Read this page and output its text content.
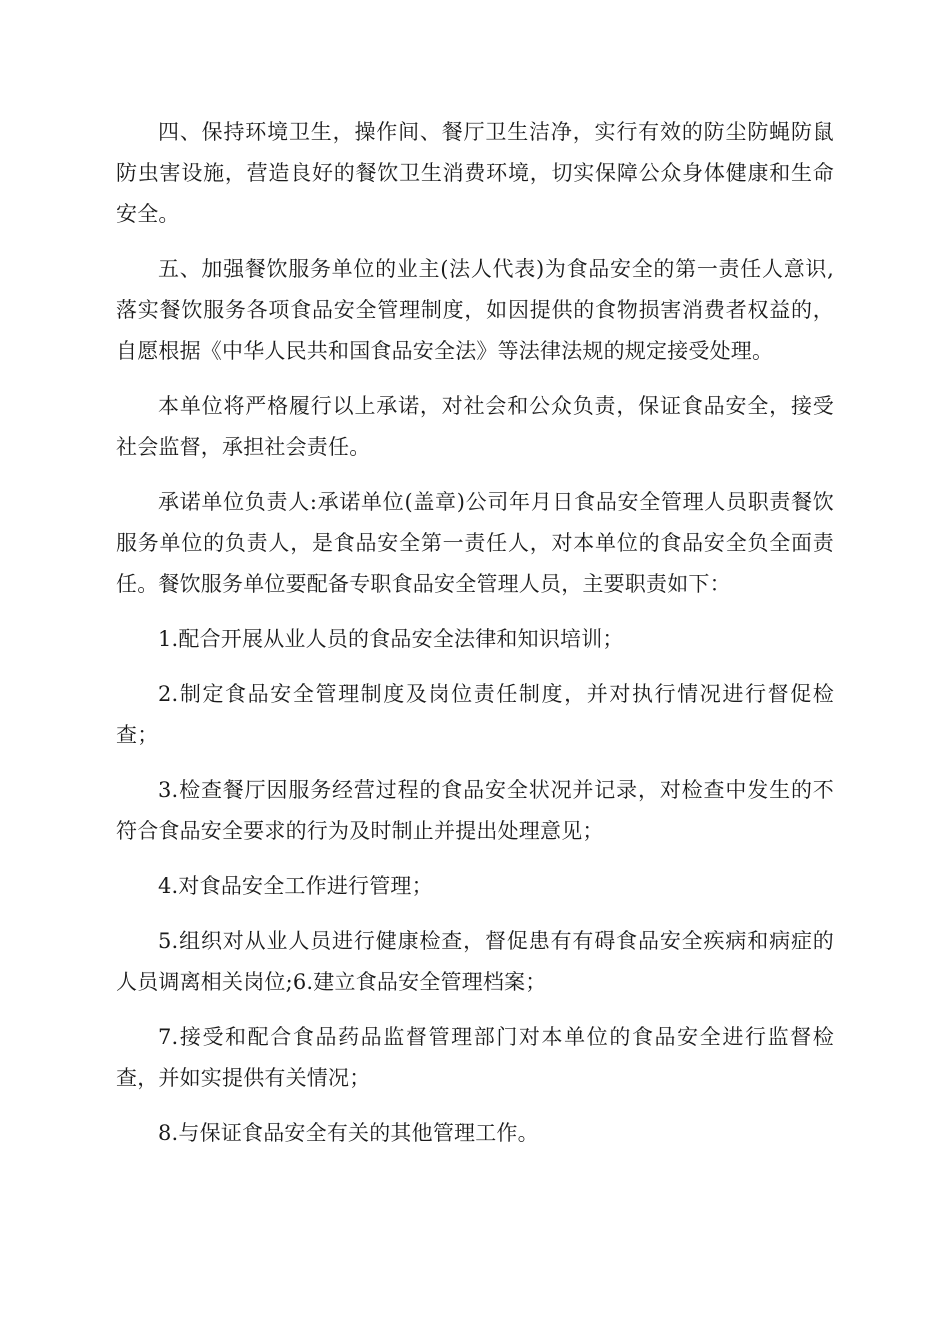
四、保持环境卫生，操作间、餐厅卫生洁净，实行有效的防尘防蝇防鼠防虫害设施，营造良好的餐饮卫生消费环境，切实保障公众身体健康和生命安全。

五、加强餐饮服务单位的业主(法人代表)为食品安全的第一责任人意识,落实餐饮服务各项食品安全管理制度，如因提供的食物损害消费者权益的，自愿根据《中华人民共和国食品安全法》等法律法规的规定接受处理。

本单位将严格履行以上承诺，对社会和公众负责，保证食品安全，接受社会监督，承担社会责任。

承诺单位负责人:承诺单位(盖章)公司年月日食品安全管理人员职责餐饮服务单位的负责人，是食品安全第一责任人，对本单位的食品安全负全面责任。餐饮服务单位要配备专职食品安全管理人员，主要职责如下：

1.配合开展从业人员的食品安全法律和知识培训；

2.制定食品安全管理制度及岗位责任制度，并对执行情况进行督促检查；

3.检查餐厅因服务经营过程的食品安全状况并记录，对检查中发生的不符合食品安全要求的行为及时制止并提出处理意见；

4.对食品安全工作进行管理；

5.组织对从业人员进行健康检查，督促患有有碍食品安全疾病和病症的人员调离相关岗位;6.建立食品安全管理档案；

7.接受和配合食品药品监督管理部门对本单位的食品安全进行监督检查，并如实提供有关情况；

8.与保证食品安全有关的其他管理工作。
